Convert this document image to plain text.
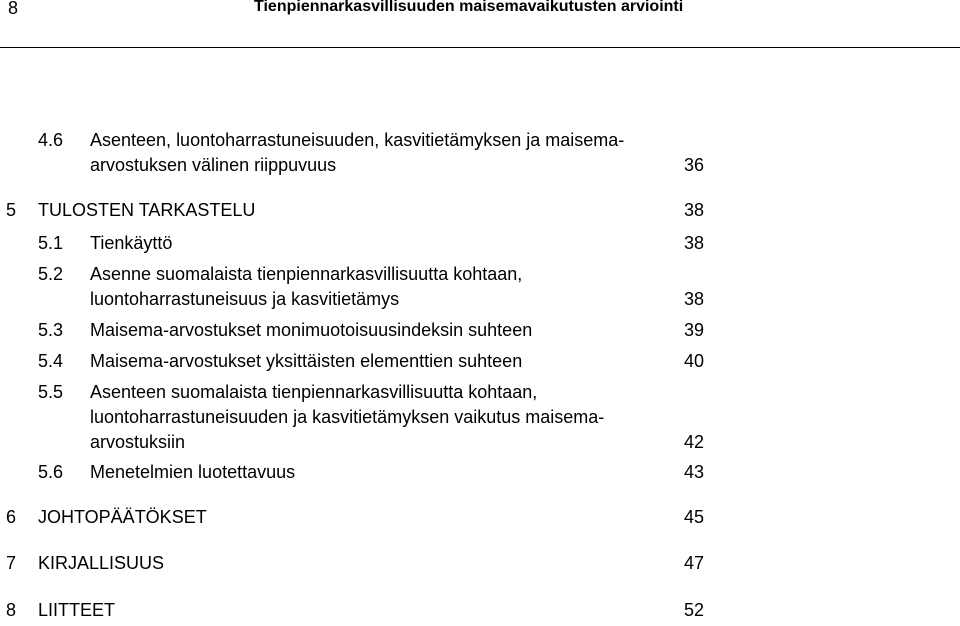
8	Tienpiennarkasvillisuuden maisemavaikutusten arviointi
4.6 Asenteen, luontoharrastuneisuuden, kasvitietämyksen ja maisema-
arvostuksen välinen riippuvuus	36
5 TULOSTEN TARKASTELU	38
5.1 Tienkäyttö	38
5.2 Asenne suomalaista tienpiennarkasvillisuutta kohtaan,
luontoharrastuneisuus ja kasvitietämys	38
5.3 Maisema-arvostukset monimuotoisuusindeksin suhteen	39
5.4 Maisema-arvostukset yksittäisten elementtien suhteen	40
5.5 Asenteen suomalaista tienpiennarkasvillisuutta kohtaan,
luontoharrastuneisuuden ja kasvitietämyksen vaikutus maisema-
arvostuksiin	42
5.6 Menetelmien luotettavuus	43
6 JOHTOPÄÄTÖKSET	45
7 KIRJALLISUUS	47
8 LIITTEET	52
